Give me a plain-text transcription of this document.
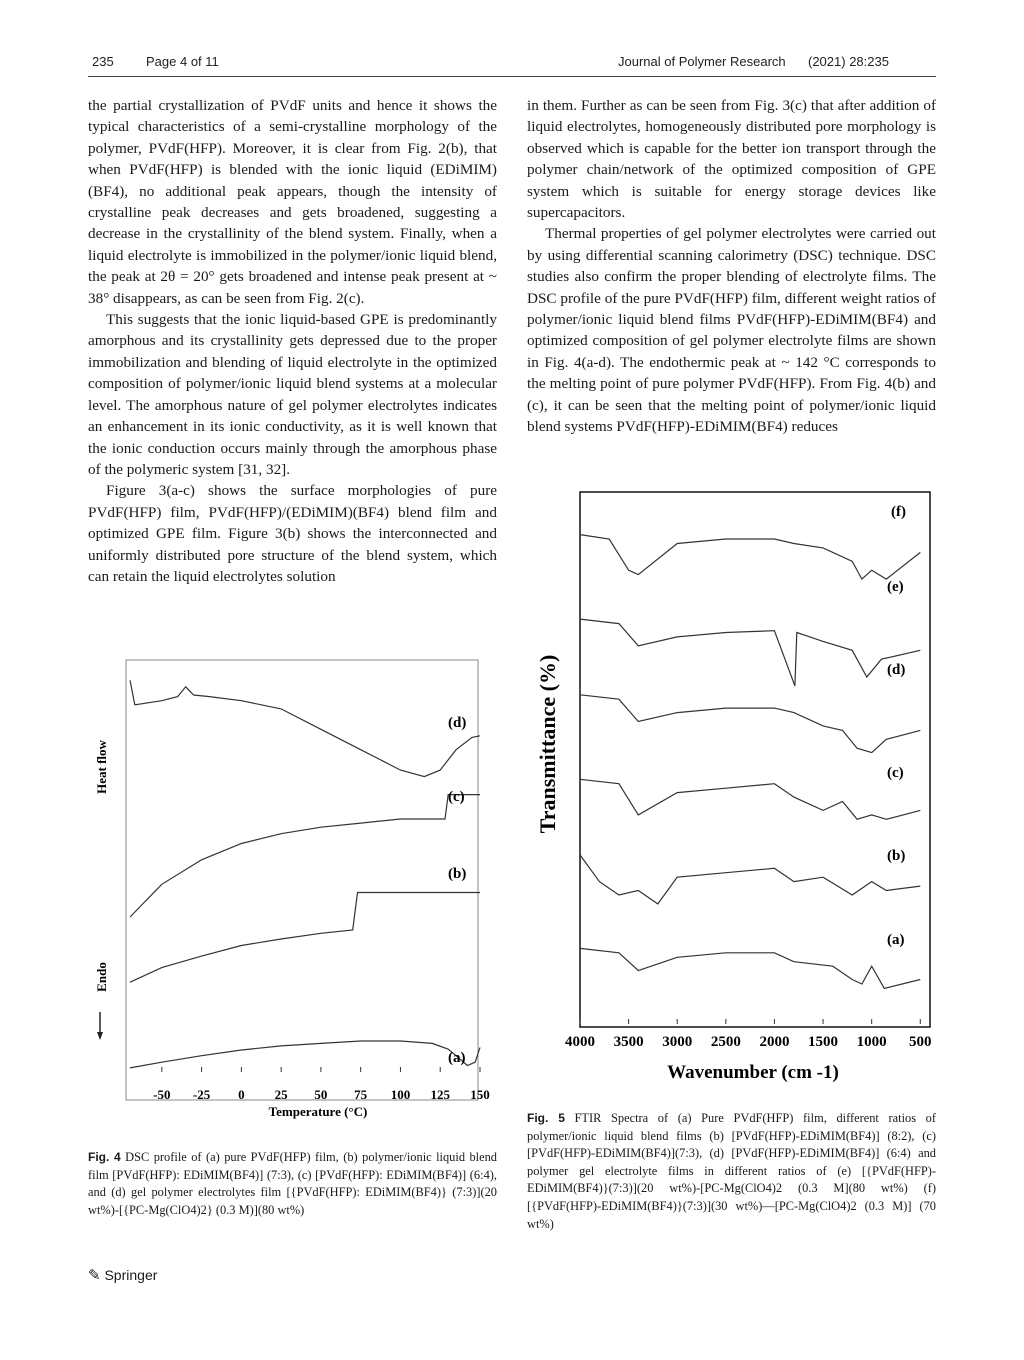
235 Page 4 of 11	Journal of Polymer Research (2021) 28:235

the partial crystallization of PVdF units and hence it shows the typical characteristics of a semi-crystalline morphology of the polymer, PVdF(HFP). Moreover, it is clear from Fig. 2(b), that when PVdF(HFP) is blended with the ionic liquid (EDiMIM)(BF4), no additional peak appears, though the intensity of crystalline peak decreases and gets broadened, suggesting a decrease in the crystallinity of the blend system. Finally, when a liquid electrolyte is immobilized in the polymer/ionic liquid blend, the peak at 2θ = 20° gets broadened and intense peak present at ~ 38° disappears, as can be seen from Fig. 2(c).

This suggests that the ionic liquid-based GPE is predominantly amorphous and its crystallinity gets depressed due to the proper immobilization and blending of liquid electrolyte in the optimized composition of polymer/ionic liquid blend systems at a molecular level. The amorphous nature of gel polymer electrolytes indicates an enhancement in its ionic conductivity, as it is well known that the ionic conduction occurs mainly through the amorphous phase of the polymeric system [31, 32].

Figure 3(a-c) shows the surface morphologies of pure PVdF(HFP) film, PVdF(HFP)/(EDiMIM)(BF4) blend film and optimized GPE film. Figure 3(b) shows the interconnected and uniformly distributed pore structure of the blend system, which can retain the liquid electrolytes solution

in them. Further as can be seen from Fig. 3(c) that after addition of liquid electrolytes, homogeneously distributed pore morphology is observed which is capable for the better ion transport through the polymer chain/network of the optimized composition of GPE system which is suitable for energy storage devices like supercapacitors.

Thermal properties of gel polymer electrolytes were carried out by using differential scanning calorimetry (DSC) technique. DSC studies also confirm the proper blending of electrolyte films. The DSC profile of the pure PVdF(HFP) film, different weight ratios of polymer/ionic liquid blend films PVdF(HFP)-EDiMIM(BF4) and optimized composition of gel polymer electrolyte films are shown in Fig. 4(a-d). The endothermic peak at ~ 142 °C corresponds to the melting point of pure polymer PVdF(HFP). From Fig. 4(b) and (c), it can be seen that the melting point of polymer/ionic liquid blend systems PVdF(HFP)-EDiMIM(BF4) reduces

-50 -25 0 25 50 75 100 125 150
(d)
(c)
(b)
(a)
Heat flow
Endo
Temperature (°C)
4000 3500 3000 2500 2000 1500 1000 500
(f)
(e)
(d)
(c)
(b)
(a)
Transmittance (%)
Wavenumber (cm -1)
Fig. 4 DSC profile of (a) pure PVdF(HFP) film, (b) polymer/ionic liquid blend film [PVdF(HFP): EDiMIM(BF4)] (7:3), (c) [PVdF(HFP): EDiMIM(BF4)] (6:4), and (d) gel polymer electrolytes film [{PVdF(HFP): EDiMIM(BF4)} (7:3)](20 wt%)-[{PC-Mg(ClO4)2} (0.3 M)](80 wt%)
Fig. 5 FTIR Spectra of (a) Pure PVdF(HFP) film, different ratios of polymer/ionic liquid blend films (b) [PVdF(HFP)-EDiMIM(BF4)] (8:2), (c) [PVdF(HFP)-EDiMIM(BF4)](7:3), (d) [PVdF(HFP)-EDiMIM(BF4)] (6:4) and polymer gel electrolyte films in different ratios of (e) [{PVdF(HFP)-EDiMIM(BF4)}(7:3)](20 wt%)-[PC-Mg(ClO4)2 (0.3 M](80 wt%) (f) [{PVdF(HFP)-EDiMIM(BF4)}(7:3)](30 wt%)—[PC-Mg(ClO4)2 (0.3 M)] (70 wt%)
✎ Springer
